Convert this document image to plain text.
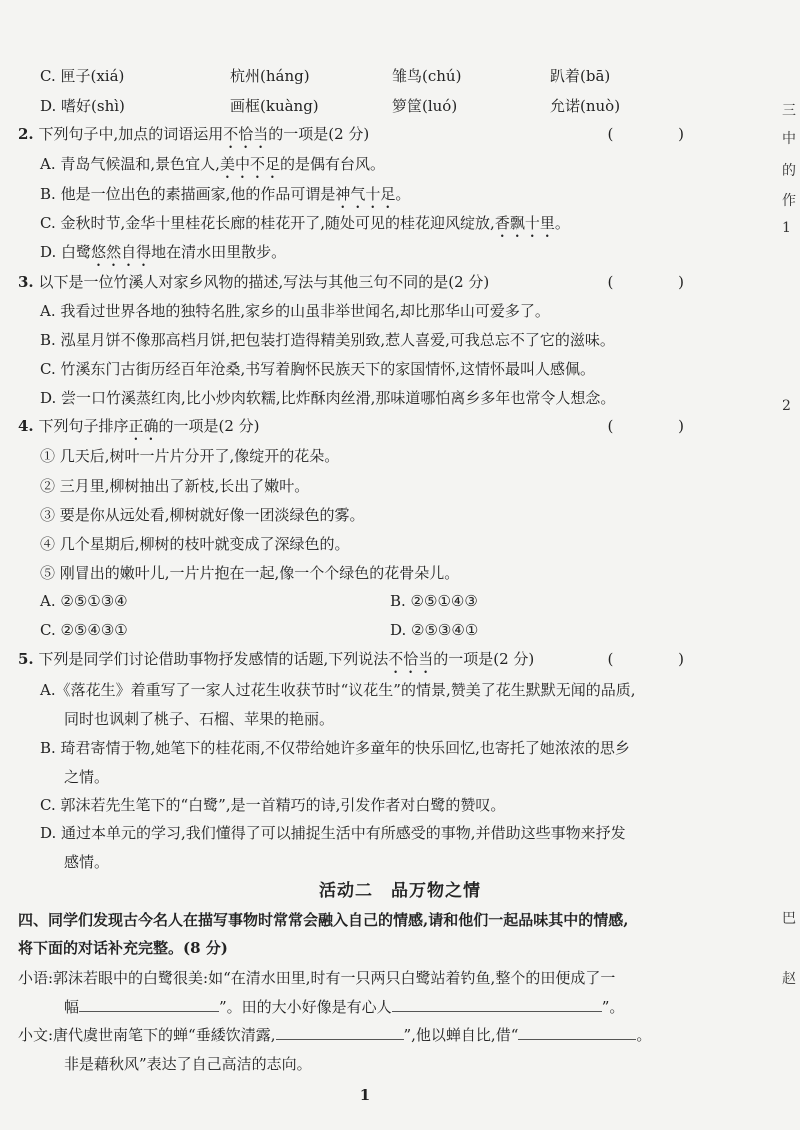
C. 匣子(xiá)	杭州(háng)	雏鸟(chú)	趴着(bā)
D. 嗜好(shì)	画框(kuàng)	箩筐(luó)	允诺(nuò)
2. 下列句子中,加点的词语运用不恰当的一项是(2 分)	( )
A. 青岛气候温和,景色宜人,美中不足的是偶有台风。
B. 他是一位出色的素描画家,他的作品可谓是神气十足。
C. 金秋时节,金华十里桂花长廊的桂花开了,随处可见的桂花迎风绽放,香飘十里。
D. 白鹭悠然自得地在清水田里散步。
3. 以下是一位竹溪人对家乡风物的描述,写法与其他三句不同的是(2 分)	( )
A. 我看过世界各地的独特名胜,家乡的山虽非举世闻名,却比那华山可爱多了。
B. 泓星月饼不像那高档月饼,把包装打造得精美别致,惹人喜爱,可我总忘不了它的滋味。
C. 竹溪东门古街历经百年沧桑,书写着胸怀民族天下的家国情怀,这情怀最叫人感佩。
D. 尝一口竹溪蒸红肉,比小炒肉软糯,比炸酥肉丝滑,那味道哪怕离乡多年也常令人想念。
4. 下列句子排序正确的一项是(2 分)	( )
① 几天后,树叶一片片分开了,像绽开的花朵。
② 三月里,柳树抽出了新枝,长出了嫩叶。
③ 要是你从远处看,柳树就好像一团淡绿色的雾。
④ 几个星期后,柳树的枝叶就变成了深绿色的。
⑤ 刚冒出的嫩叶儿,一片片抱在一起,像一个个绿色的花骨朵儿。
A. ②⑤①③④	B. ②⑤①④③
C. ②⑤④③①	D. ②⑤③④①
5. 下列是同学们讨论借助事物抒发感情的话题,下列说法不恰当的一项是(2 分)	( )
A.《落花生》着重写了一家人过花生收获节时“议花生”的情景,赞美了花生默默无闻的品质,
同时也讽刺了桃子、石榴、苹果的艳丽。
B. 琦君寄情于物,她笔下的桂花雨,不仅带给她许多童年的快乐回忆,也寄托了她浓浓的思乡
之情。
C. 郭沫若先生笔下的“白鹭”,是一首精巧的诗,引发作者对白鹭的赞叹。
D. 通过本单元的学习,我们懂得了可以捕捉生活中有所感受的事物,并借助这些事物来抒发
感情。
活动二　品万物之情
四、同学们发现古今名人在描写事物时常常会融入自己的情感,请和他们一起品味其中的情感,
将下面的对话补充完整。(8 分)
小语:郭沫若眼中的白鹭很美:如“在清水田里,时有一只两只白鹭站着钓鱼,整个的田便成了一
幅	”。田的大小好像是有心人	”。
小文:唐代虞世南笔下的蝉“垂緌饮清露,	”,他以蝉自比,借“	。
非是藉秋风”表达了自己高洁的志向。
1
三
中
的
作
1
2
巴
赵
